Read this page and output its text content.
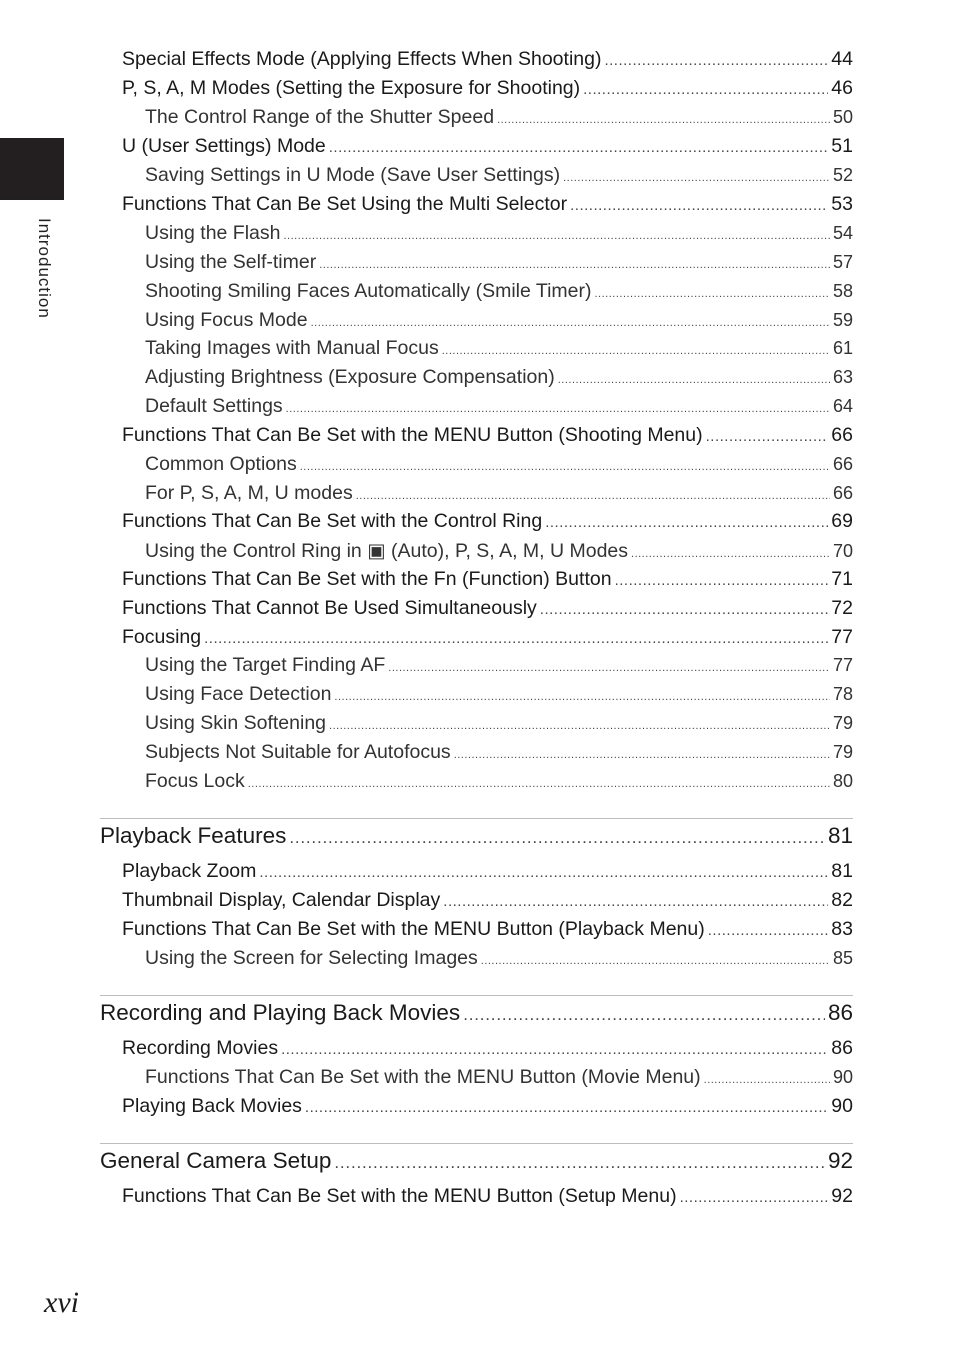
Introduction
Special Effects Mode (Applying Effects When Shooting) .....	44
P, S, A, M Modes (Setting the Exposure for Shooting) .....	46
The Control Range of the Shutter Speed .....	50
U (User Settings) Mode .....	51
Saving Settings in U Mode (Save User Settings) .....	52
Functions That Can Be Set Using the Multi Selector .....	53
Using the Flash .....	54
Using the Self-timer .....	57
Shooting Smiling Faces Automatically (Smile Timer) .....	58
Using Focus Mode .....	59
Taking Images with Manual Focus .....	61
Adjusting Brightness (Exposure Compensation) .....	63
Default Settings .....	64
Functions That Can Be Set with the MENU Button (Shooting Menu) .....	66
Common Options .....	66
For P, S, A, M, U modes .....	66
Functions That Can Be Set with the Control Ring .....	69
Using the Control Ring in ▣ (Auto), P, S, A, M, U Modes .....	70
Functions That Can Be Set with the Fn (Function) Button .....	71
Functions That Cannot Be Used Simultaneously .....	72
Focusing .....	77
Using the Target Finding AF .....	77
Using Face Detection .....	78
Using Skin Softening .....	79
Subjects Not Suitable for Autofocus .....	79
Focus Lock .....	80
Playback Features .....	81
Playback Zoom .....	81
Thumbnail Display, Calendar Display .....	82
Functions That Can Be Set with the MENU Button (Playback Menu) .....	83
Using the Screen for Selecting Images .....	85
Recording and Playing Back Movies .....	86
Recording Movies .....	86
Functions That Can Be Set with the MENU Button (Movie Menu) .....	90
Playing Back Movies .....	90
General Camera Setup .....	92
Functions That Can Be Set with the MENU Button (Setup Menu) .....	92
xvi
